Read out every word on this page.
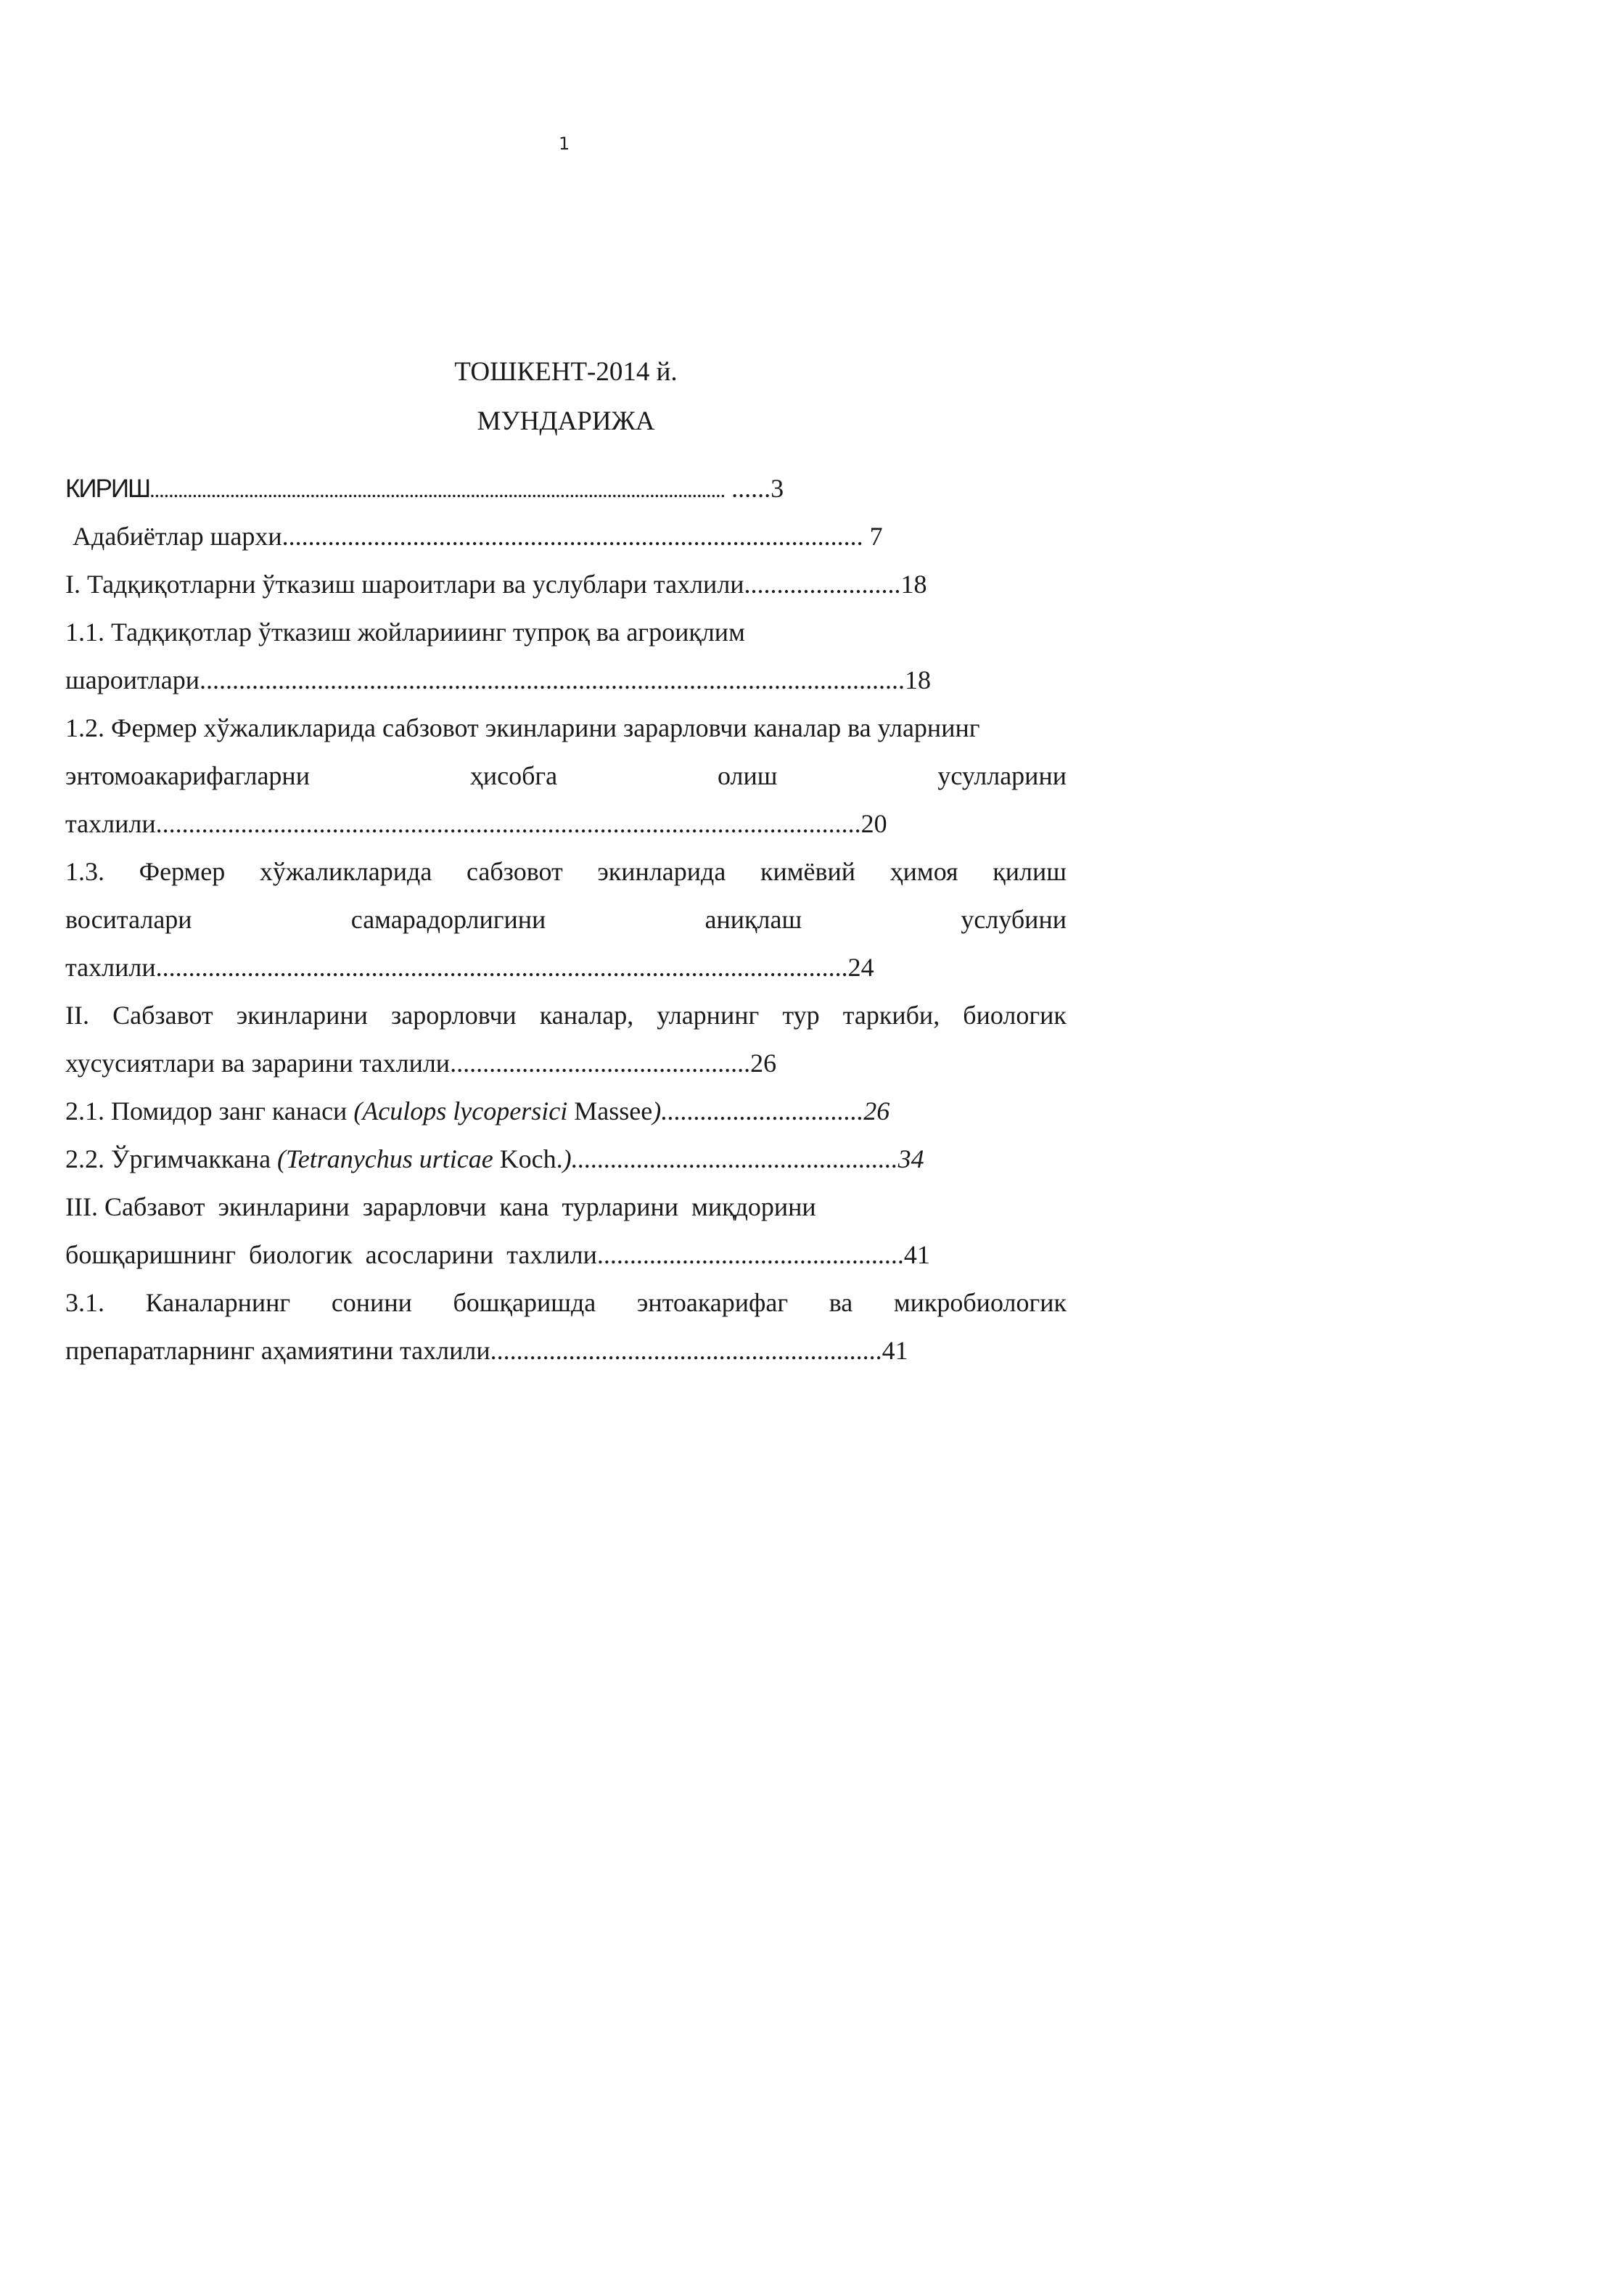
1
ТОШКЕНТ-2014 й.
МУНДАРИЖА
КИРИШ.......................................................................................................................... ......3
Адабиётлар шархи......................................................................................... 7
I. Тадқиқотларни ўтказиш шароитлари ва услублари тахлили........................18
1.1. Тадқиқотлар ўтказиш жойларииинг тупроқ ва агроиқлим
шароитлари............................................................................................................18
1.2. Фермер хўжаликларида сабзовот экинларини зарарловчи каналар ва уларнинг
энтомоакарифагларни	ҳисобга	олиш	усулларини
тахлили............................................................................................................20
1.3. Фермер хўжаликларида сабзовот экинларида кимёвий ҳимоя қилиш
воситалари	самарадорлигини	аниқлаш	услубини
тахлили..........................................................................................................24
II. Сабзавот экинларини зарорловчи каналар, уларнинг тур таркиби, биологик
хусусиятлари ва зарарини тахлили..............................................26
2.1. Помидор занг канаси (Aculops lycopersici Massee)...............................26
2.2. Ўргимчаккана (Tetranychus urticae Koch.)..................................................34
III. Сабзавот  экинларини  зарарловчи  кана  турларини  миқдорини
бошқаришнинг  биологик  асосларини  тахлили...............................................41
3.1. Каналарнинг сонини бошқаришда энтоакарифаг ва микробиологик
препаратларнинг аҳамиятини тахлили............................................................41
